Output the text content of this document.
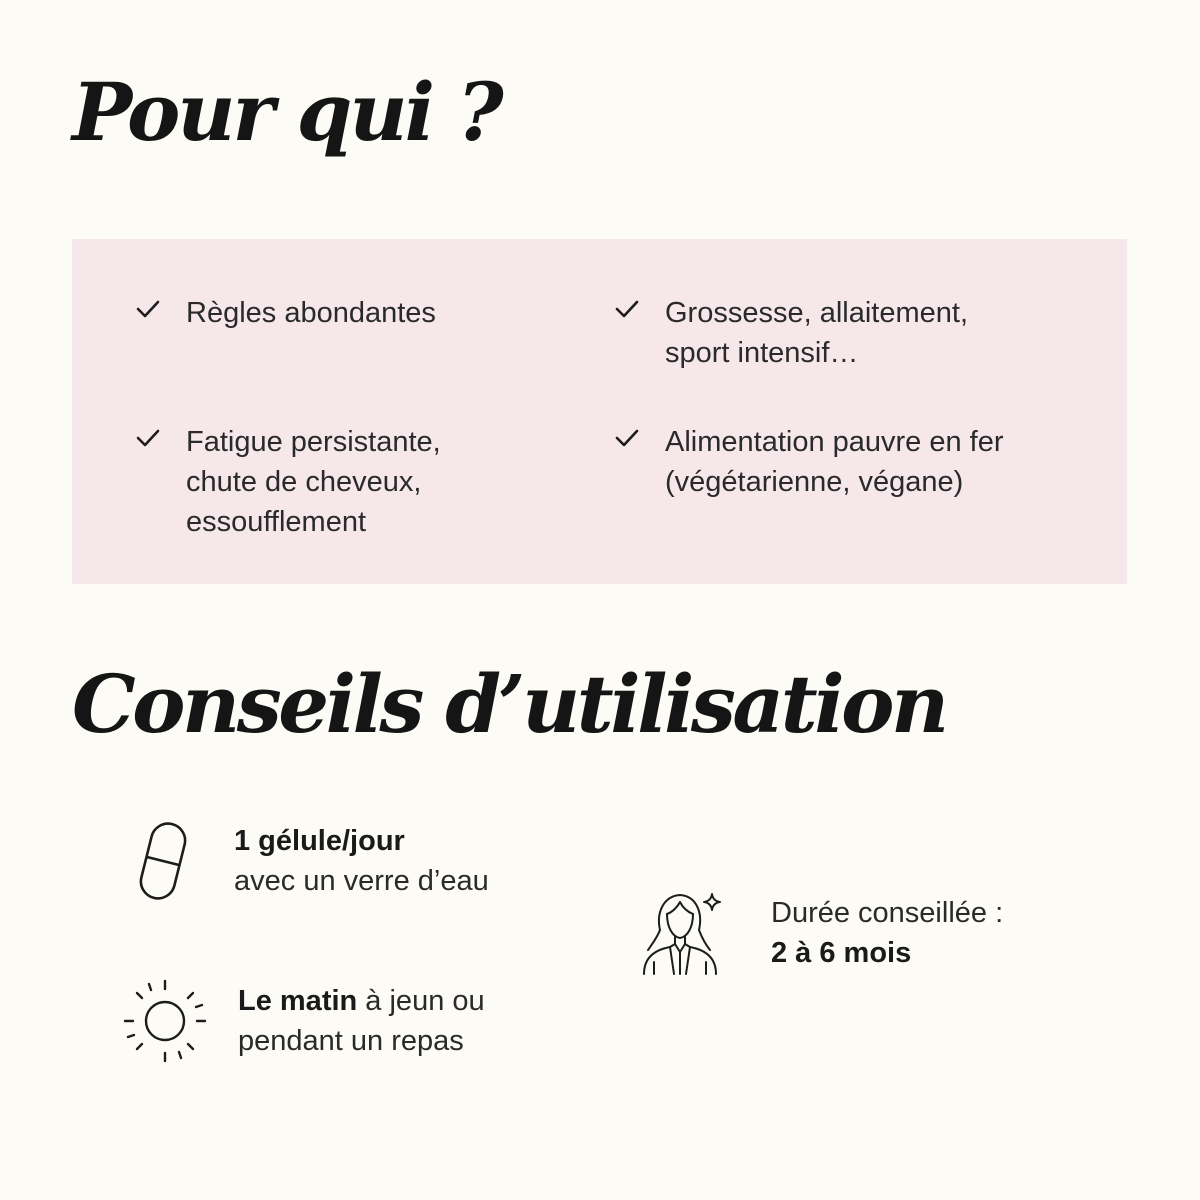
Pour qui ?
Règles abondantes	Grossesse, allaitement,
sport intensif…
Fatigue persistante,
chute de cheveux,
essoufflement
Alimentation pauvre en fer
(végétarienne, végane)
Conseils d’utilisation
1 gélule/jour
avec un verre d’eau
Le matin à jeun ou
pendant un repas
Durée conseillée :
2 à 6 mois
